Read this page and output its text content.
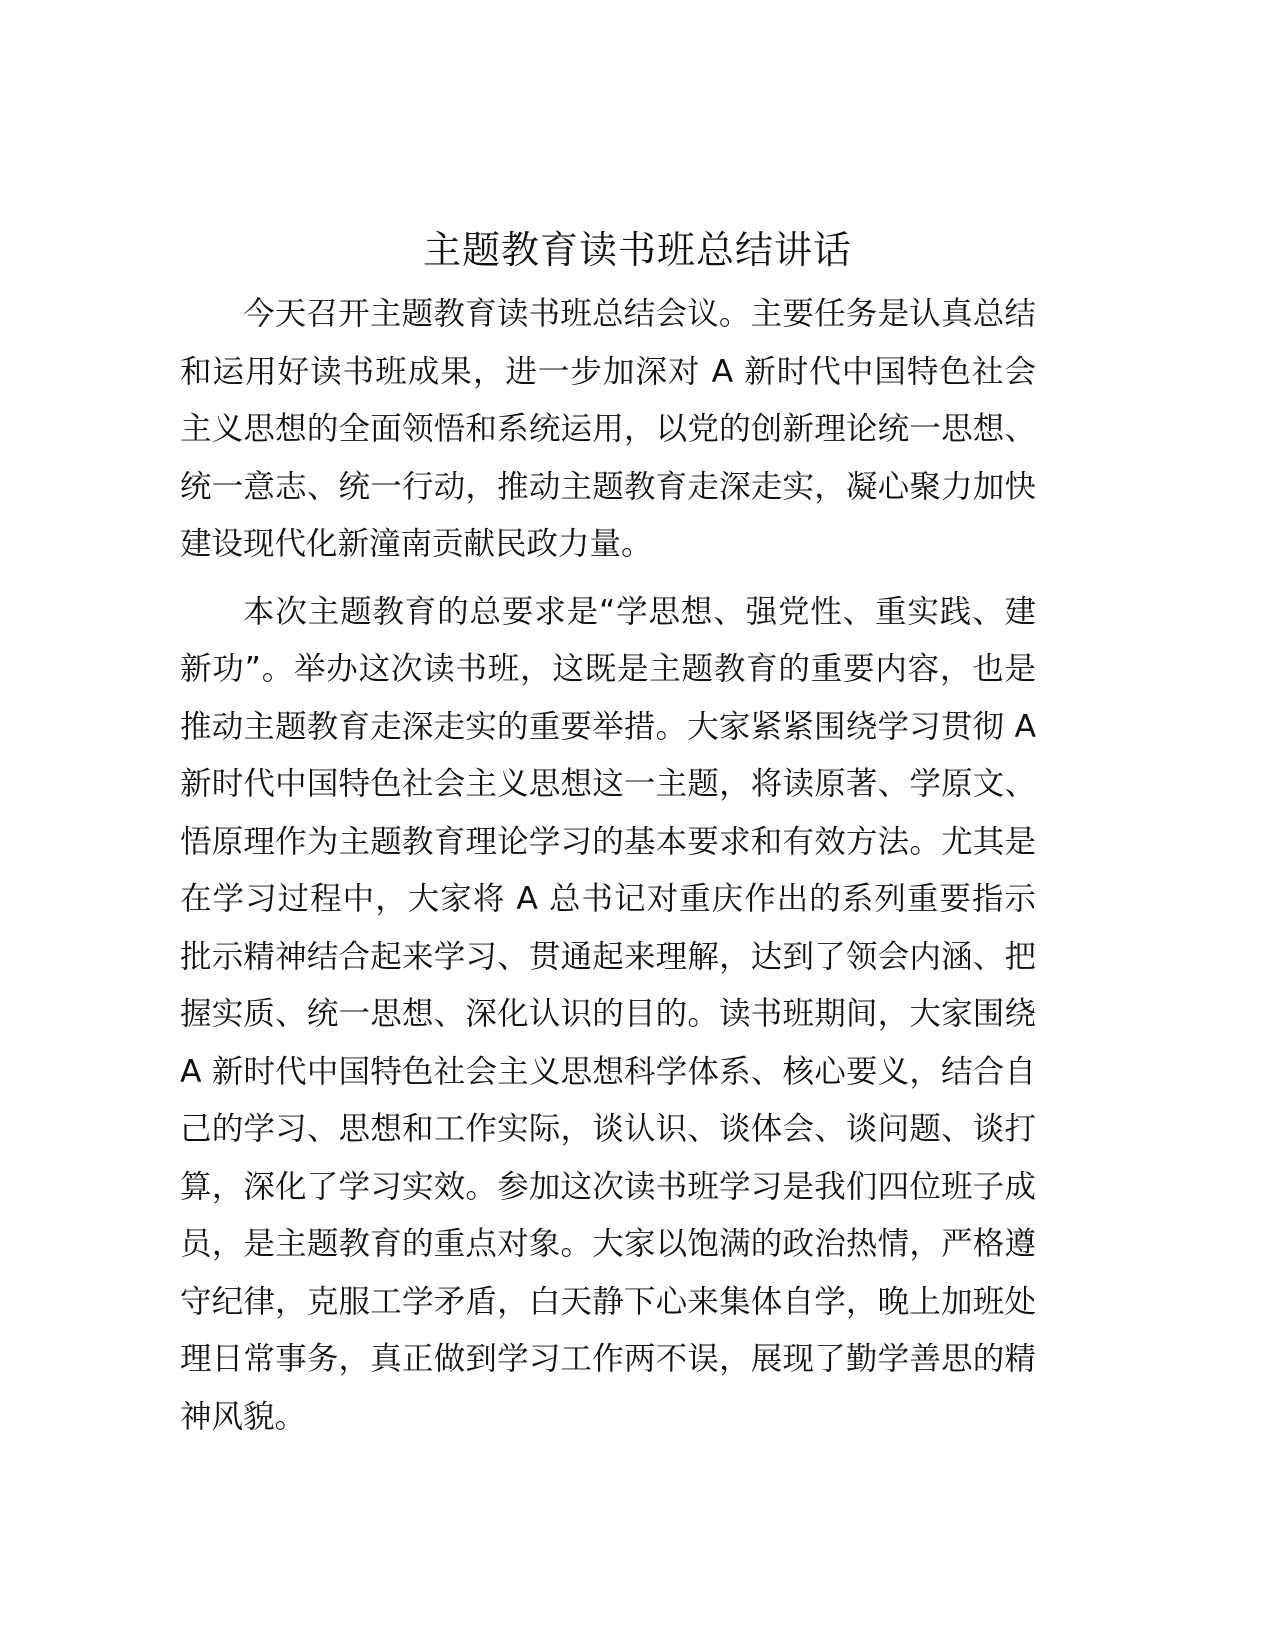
主题教育读书班总结讲话

今天召开主题教育读书班总结会议。主要任务是认真总结和运用好读书班成果，进一步加深对 A 新时代中国特色社会主义思想的全面领悟和系统运用，以党的创新理论统一思想、统一意志、统一行动，推动主题教育走深走实，凝心聚力加快建设现代化新潼南贡献民政力量。

本次主题教育的总要求是“学思想、强党性、重实践、建新功”。举办这次读书班，这既是主题教育的重要内容，也是推动主题教育走深走实的重要举措。大家紧紧围绕学习贯彻 A 新时代中国特色社会主义思想这一主题，将读原著、学原文、悟原理作为主题教育理论学习的基本要求和有效方法。尤其是在学习过程中，大家将 A 总书记对重庆作出的系列重要指示批示精神结合起来学习、贯通起来理解，达到了领会内涵、把握实质、统一思想、深化认识的目的。读书班期间，大家围绕 A 新时代中国特色社会主义思想科学体系、核心要义，结合自己的学习、思想和工作实际，谈认识、谈体会、谈问题、谈打算，深化了学习实效。参加这次读书班学习是我们四位班子成员，是主题教育的重点对象。大家以饱满的政治热情，严格遵守纪律，克服工学矛盾，白天静下心来集体自学，晚上加班处理日常事务，真正做到学习工作两不误，展现了勤学善思的精神风貌。
